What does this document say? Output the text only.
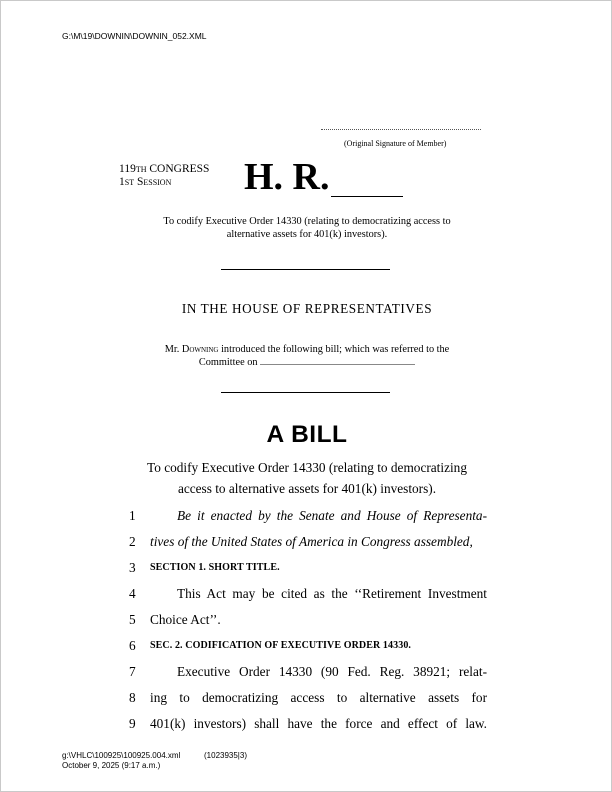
G:\M\19\DOWNIN\DOWNIN_052.XML
(Original Signature of Member)
119th CONGRESS
1st Session H. R.
To codify Executive Order 14330 (relating to democratizing access to alternative assets for 401(k) investors).
IN THE HOUSE OF REPRESENTATIVES
Mr. Downing introduced the following bill; which was referred to the Committee on
A BILL
To codify Executive Order 14330 (relating to democratizing
access to alternative assets for 401(k) investors).
1	Be it enacted by the Senate and House of Representa-
2	tives of the United States of America in Congress assembled,
3	SECTION 1. SHORT TITLE.
4	This Act may be cited as the ‘‘Retirement Investment
5	Choice Act’’.
6	SEC. 2. CODIFICATION OF EXECUTIVE ORDER 14330.
7	Executive Order 14330 (90 Fed. Reg. 38921; relat-
8	ing to democratizing access to alternative assets for
9	401(k) investors) shall have the force and effect of law.
g:\VHLC\100925\100925.004.xml	(1023935|3)
October 9, 2025 (9:17 a.m.)
